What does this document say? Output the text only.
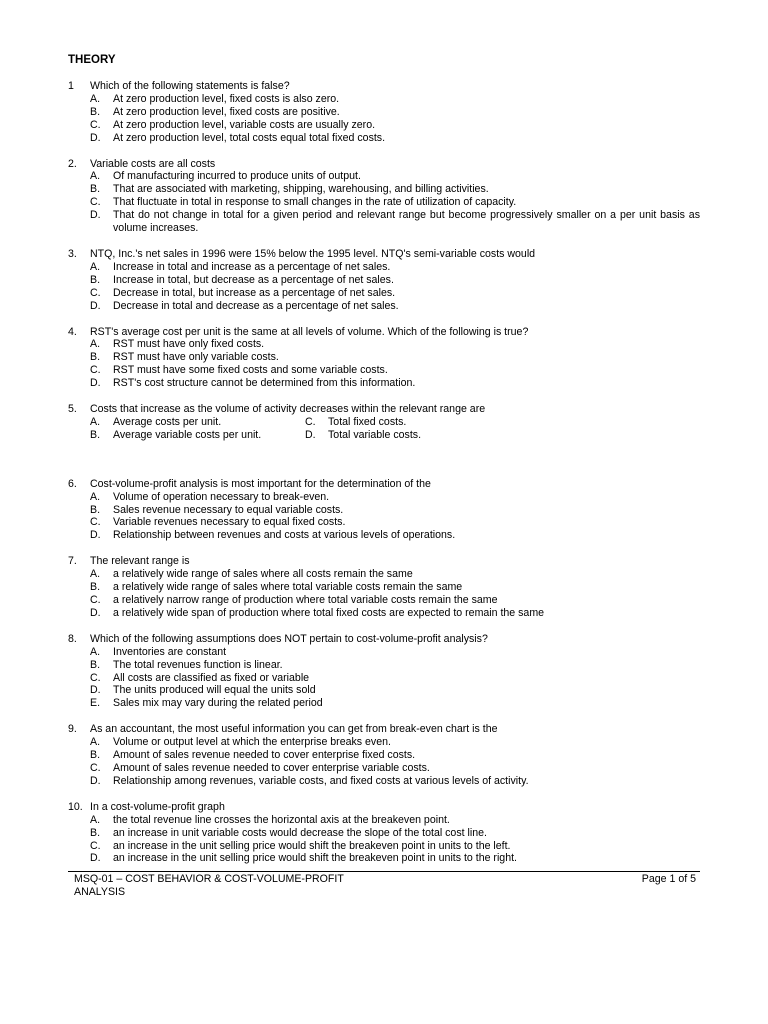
THEORY
1	Which of the following statements is false?
A.	At zero production level, fixed costs is also zero.
B.	At zero production level, fixed costs are positive.
C.	At zero production level, variable costs are usually zero.
D.	At zero production level, total costs equal total fixed costs.
2.	Variable costs are all costs
A.	Of manufacturing incurred to produce units of output.
B.	That are associated with marketing, shipping, warehousing, and billing activities.
C.	That fluctuate in total in response to small changes in the rate of utilization of capacity.
D.	That do not change in total for a given period and relevant range but become progressively smaller on a per unit basis as volume increases.
3.	NTQ, Inc.'s net sales in 1996 were 15% below the 1995 level. NTQ's semi-variable costs would
A.	Increase in total and increase as a percentage of net sales.
B.	Increase in total, but decrease as a percentage of net sales.
C.	Decrease in total, but increase as a percentage of net sales.
D.	Decrease in total and decrease as a percentage of net sales.
4.	RST's average cost per unit is the same at all levels of volume. Which of the following is true?
A.	RST must have only fixed costs.
B.	RST must have only variable costs.
C.	RST must have some fixed costs and some variable costs.
D.	RST's cost structure cannot be determined from this information.
5.	Costs that increase as the volume of activity decreases within the relevant range are
A.	Average costs per unit.	C.	Total fixed costs.
B.	Average variable costs per unit.	D.	Total variable costs.
6.	Cost-volume-profit analysis is most important for the determination of the
A.	Volume of operation necessary to break-even.
B.	Sales revenue necessary to equal variable costs.
C.	Variable revenues necessary to equal fixed costs.
D.	Relationship between revenues and costs at various levels of operations.
7.	The relevant range is
A.	a relatively wide range of sales where all costs remain the same
B.	a relatively wide range of sales where total variable costs remain the same
C.	a relatively narrow range of production where total variable costs remain the same
D.	a relatively wide span of production where total fixed costs are expected to remain the same
8.	Which of the following assumptions does NOT pertain to cost-volume-profit analysis?
A.	Inventories are constant
B.	The total revenues function is linear.
C.	All costs are classified as fixed or variable
D.	The units produced will equal the units sold
E.	Sales mix may vary during the related period
9.	As an accountant, the most useful information you can get from break-even chart is the
A.	Volume or output level at which the enterprise breaks even.
B.	Amount of sales revenue needed to cover enterprise fixed costs.
C.	Amount of sales revenue needed to cover enterprise variable costs.
D.	Relationship among revenues, variable costs, and fixed costs at various levels of activity.
10. In a cost-volume-profit graph
A.	the total revenue line crosses the horizontal axis at the breakeven point.
B.	an increase in unit variable costs would decrease the slope of the total cost line.
C.	an increase in the unit selling price would shift the breakeven point in units to the left.
D.	an increase in the unit selling price would shift the breakeven point in units to the right.
MSQ-01 – COST BEHAVIOR & COST-VOLUME-PROFIT ANALYSIS
Page 1 of 5
